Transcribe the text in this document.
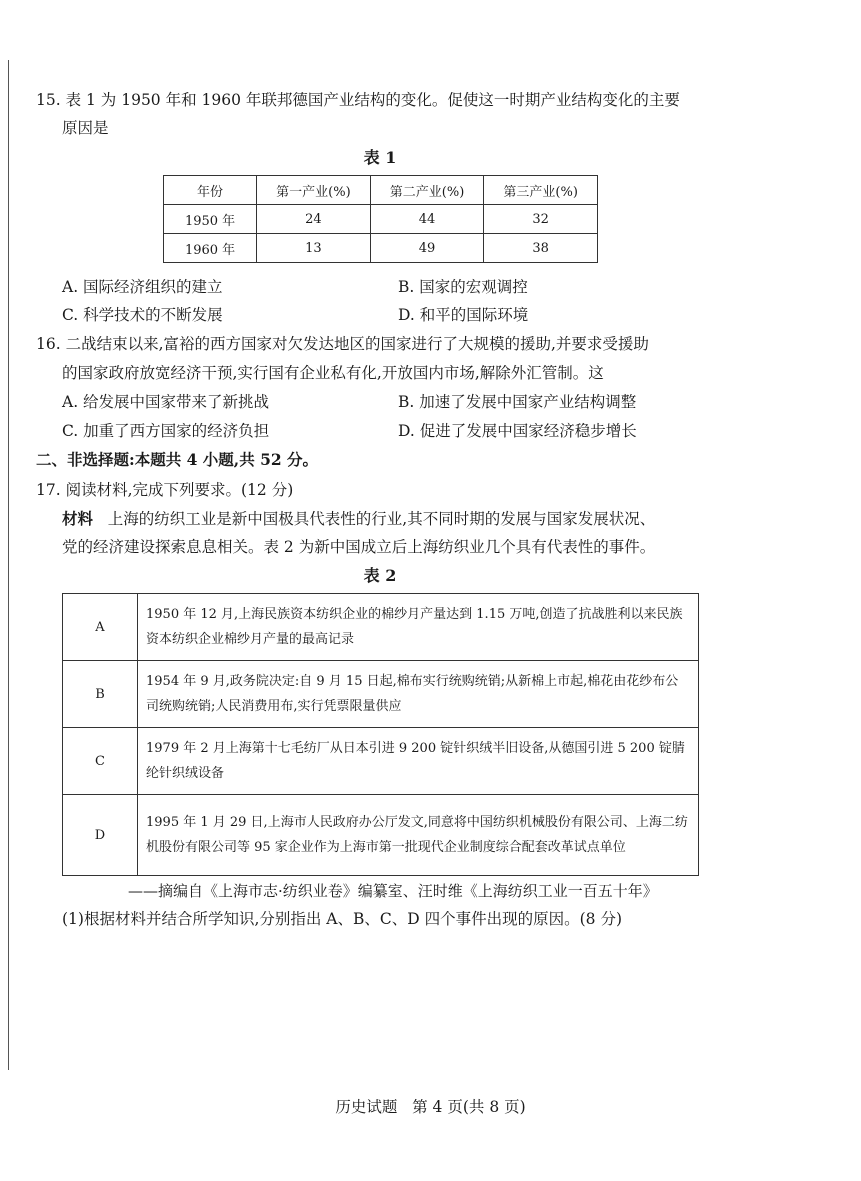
15. 表 1 为 1950 年和 1960 年联邦德国产业结构的变化。促使这一时期产业结构变化的主要
原因是
表 1
年份	第一产业(%)	第二产业(%)	第三产业(%)
1950 年	24	44	32
1960 年	13	49	38
A. 国际经济组织的建立	B. 国家的宏观调控
C. 科学技术的不断发展	D. 和平的国际环境
16. 二战结束以来,富裕的西方国家对欠发达地区的国家进行了大规模的援助,并要求受援助
的国家政府放宽经济干预,实行国有企业私有化,开放国内市场,解除外汇管制。这
A. 给发展中国家带来了新挑战	B. 加速了发展中国家产业结构调整
C. 加重了西方国家的经济负担	D. 促进了发展中国家经济稳步增长
二、非选择题:本题共 4 小题,共 52 分。
17. 阅读材料,完成下列要求。(12 分)
材料 上海的纺织工业是新中国极具代表性的行业,其不同时期的发展与国家发展状况、
党的经济建设探索息息相关。表 2 为新中国成立后上海纺织业几个具有代表性的事件。
表 2
A	1950 年 12 月,上海民族资本纺织企业的棉纱月产量达到 1.15 万吨,创造了抗战胜利以来民族资本纺织企业棉纱月产量的最高记录
B	1954 年 9 月,政务院决定:自 9 月 15 日起,棉布实行统购统销;从新棉上市起,棉花由花纱布公司统购统销;人民消费用布,实行凭票限量供应
C	1979 年 2 月上海第十七毛纺厂从日本引进 9 200 锭针织绒半旧设备,从德国引进 5 200 锭腈纶针织绒设备
D	1995 年 1 月 29 日,上海市人民政府办公厅发文,同意将中国纺织机械股份有限公司、上海二纺机股份有限公司等 95 家企业作为上海市第一批现代企业制度综合配套改革试点单位
——摘编自《上海市志·纺织业卷》编纂室、汪时维《上海纺织工业一百五十年》
(1)根据材料并结合所学知识,分别指出 A、B、C、D 四个事件出现的原因。(8 分)
历史试题   第 4 页(共 8 页)
